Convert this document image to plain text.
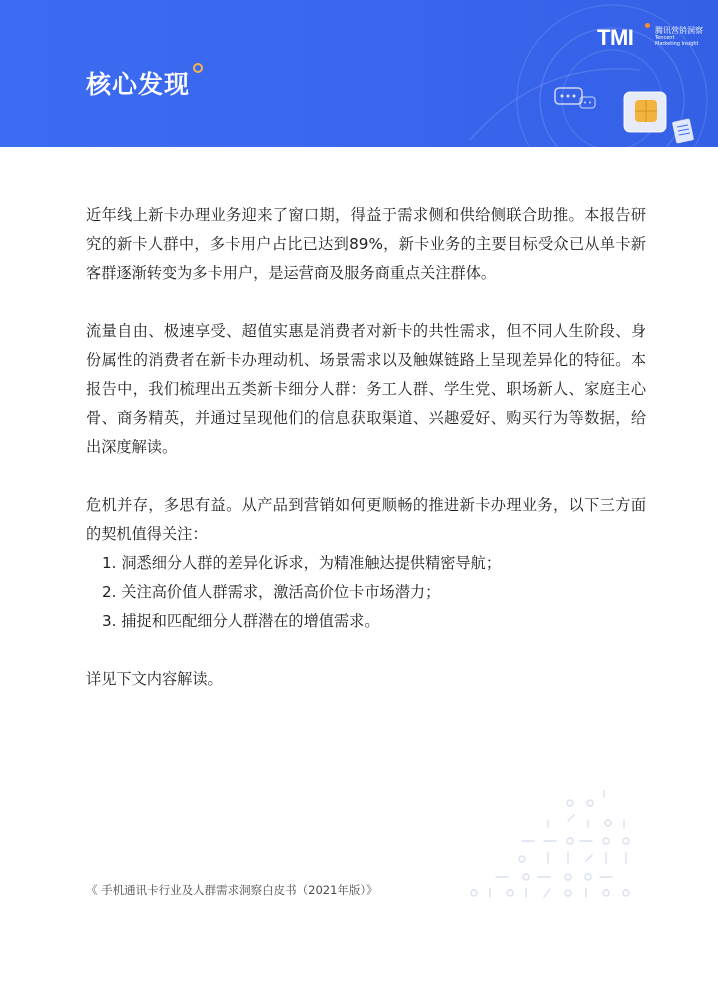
核心发现
TMI	腾讯营销洞察
Tencent
Marketing Insight

近年线上新卡办理业务迎来了窗口期，得益于需求侧和供给侧联合助推。本报告研究的新卡人群中，多卡用户占比已达到89%，新卡业务的主要目标受众已从单卡新客群逐渐转变为多卡用户，是运营商及服务商重点关注群体。

流量自由、极速享受、超值实惠是消费者对新卡的共性需求，但不同人生阶段、身份属性的消费者在新卡办理动机、场景需求以及触媒链路上呈现差异化的特征。本报告中，我们梳理出五类新卡细分人群：务工人群、学生党、职场新人、家庭主心骨、商务精英，并通过呈现他们的信息获取渠道、兴趣爱好、购买行为等数据，给出深度解读。

危机并存，多思有益。从产品到营销如何更顺畅的推进新卡办理业务，以下三方面的契机值得关注：

1. 洞悉细分人群的差异化诉求，为精准触达提供精密导航；
2. 关注高价值人群需求，激活高价位卡市场潜力；
3. 捕捉和匹配细分人群潜在的增值需求。

详见下文内容解读。

《 手机通讯卡行业及人群需求洞察白皮书（2021年版）》
